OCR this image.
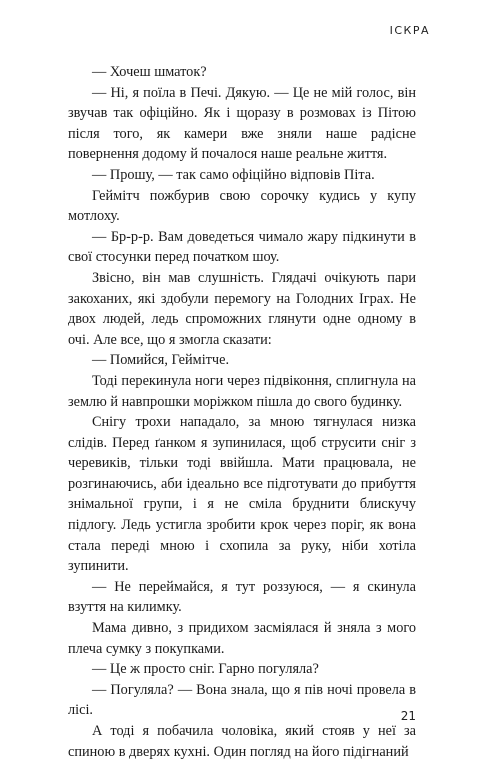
ІСКРА

— Хочеш шматок?

— Ні, я поїла в Печі. Дякую. — Це не мій голос, він звучав так офіційно. Як і щоразу в розмовах із Пітою після того, як камери вже зняли наше радісне повернення додому й почалося наше реальне життя.

— Прошу, — так само офіційно відповів Піта.

Геймітч пожбурив свою сорочку кудись у купу мотлоху.

— Бр-р-р. Вам доведеться чимало жару підкинути в свої стосунки перед початком шоу.

Звісно, він мав слушність. Глядачі очікують пари закоханих, які здобули перемогу на Голодних Іграх. Не двох людей, ледь спроможних глянути одне одному в очі. Але все, що я змогла сказати:

— Помийся, Геймітче.

Тоді перекинула ноги через підвіконня, сплигнула на землю й навпрошки моріжком пішла до свого будинку.

Снігу трохи нападало, за мною тягнулася низка слідів. Перед ґанком я зупинилася, щоб струсити сніг з черевиків, тільки тоді ввійшла. Мати працювала, не розгинаючись, аби ідеально все підготувати до прибуття знімальної групи, і я не сміла бруднити блискучу підлогу. Ледь устигла зробити крок через поріг, як вона стала переді мною і схопила за руку, ніби хотіла зупинити.

— Не переймайся, я тут роззуюся, — я скинула взуття на килимку.

Мама дивно, з придихом засміялася й зняла з мого плеча сумку з покупками.

— Це ж просто сніг. Гарно погуляла?

— Погуляла? — Вона знала, що я пів ночі провела в лісі.

А тоді я побачила чоловіка, який стояв у неї за спиною в дверях кухні. Один погляд на його підігнаний

21
